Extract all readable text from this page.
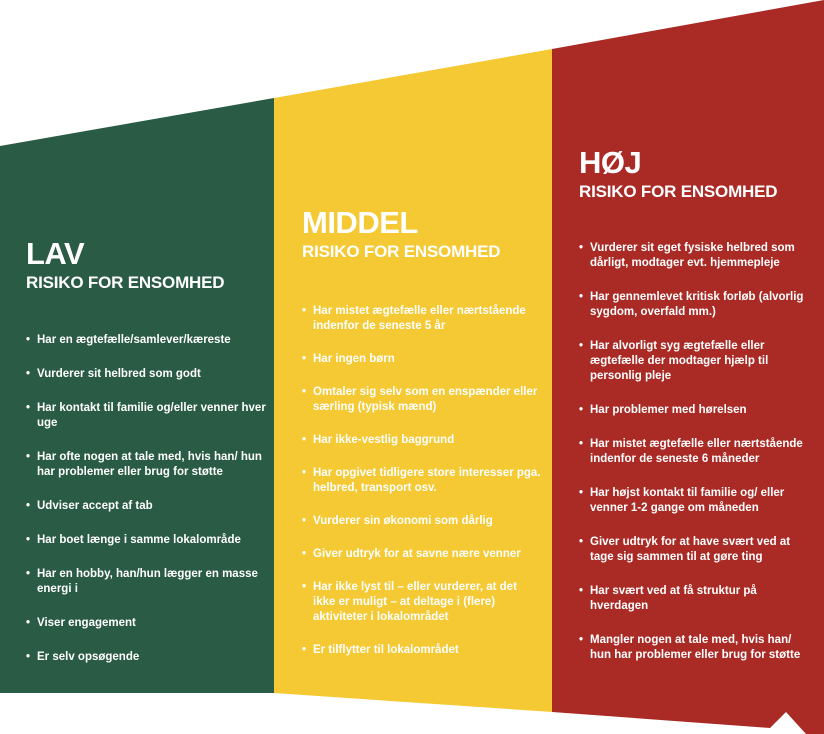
LAV
RISIKO FOR ENSOMHED
• Har en ægtefælle/samlever/kæreste
• Vurderer sit helbred som godt
• Har kontakt til familie og/eller venner hver uge
• Har ofte nogen at tale med, hvis han/ hun har problemer eller brug for støtte
• Udviser accept af tab
• Har boet længe i samme lokalområde
• Har en hobby, han/hun lægger en masse energi i
• Viser engagement
• Er selv opsøgende
MIDDEL
RISIKO FOR ENSOMHED
• Har mistet ægtefælle eller nærtstående indenfor de seneste 5 år
• Har ingen børn
• Omtaler sig selv som en enspænder eller særling (typisk mænd)
• Har ikke-vestlig baggrund
• Har opgivet tidligere store interesser pga. helbred, transport osv.
• Vurderer sin økonomi som dårlig
• Giver udtryk for at savne nære venner
• Har ikke lyst til – eller vurderer, at det ikke er muligt – at deltage i (flere) aktiviteter i lokalområdet
• Er tilflytter til lokalområdet
HØJ
RISIKO FOR ENSOMHED
• Vurderer sit eget fysiske helbred som dårligt, modtager evt. hjemmepleje
• Har gennemlevet kritisk forløb (alvorlig sygdom, overfald mm.)
• Har alvorligt syg ægtefælle eller ægtefælle der modtager hjælp til personlig pleje
• Har problemer med hørelsen
• Har mistet ægtefælle eller nærtstående indenfor de seneste 6 måneder
• Har højst kontakt til familie og/ eller venner 1-2 gange om måneden
• Giver udtryk for at have svært ved at tage sig sammen til at gøre ting
• Har svært ved at få struktur på hverdagen
• Mangler nogen at tale med, hvis han/ hun har problemer eller brug for støtte
